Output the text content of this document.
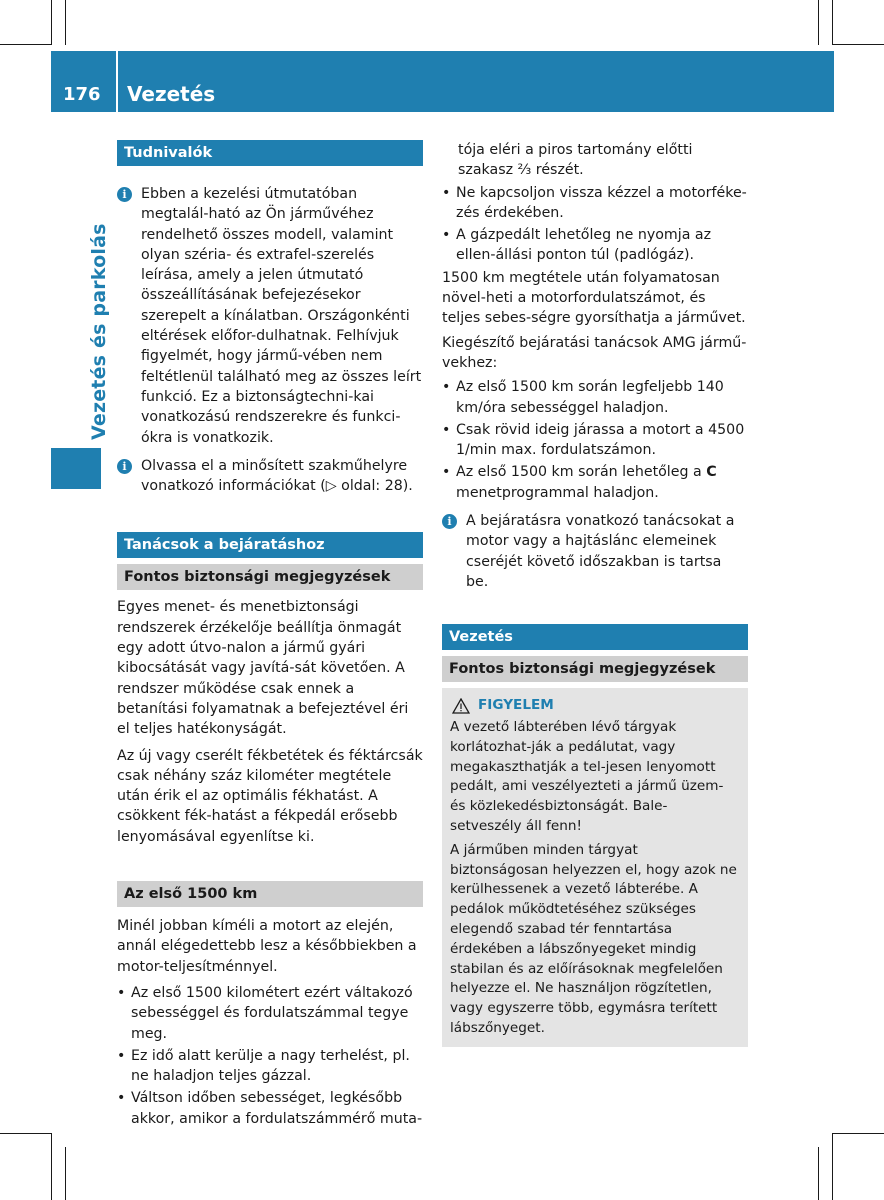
176 Vezetés
Vezetés és parkolás
Tudnivalók
i	Ebben a kezelési útmutatóban megtalál-ható az Ön járművéhez rendelhető összes modell, valamint olyan széria- és extrafel-szerelés leírása, amely a jelen útmutató összeállításának befejezésekor szerepelt a kínálatban. Országonkénti eltérések előfor-dulhatnak. Felhívjuk figyelmét, hogy jármű-vében nem feltétlenül található meg az összes leírt funkció. Ez a biztonságtechni-kai vonatkozású rendszerekre és funkci-ókra is vonatkozik.

i	Olvassa el a minősített szakműhelyre vonatkozó információkat (▷ oldal: 28).

Tanácsok a bejáratáshoz
Fontos biztonsági megjegyzések

Egyes menet- és menetbiztonsági rendszerek érzékelője beállítja önmagát egy adott útvo-nalon a jármű gyári kibocsátását vagy javítá-sát követően. A rendszer működése csak ennek a betanítási folyamatnak a befejeztével éri el teljes hatékonyságát.

Az új vagy cserélt fékbetétek és féktárcsák csak néhány száz kilométer megtétele után érik el az optimális fékhatást. A csökkent fék-hatást a fékpedál erősebb lenyomásával egyenlítse ki.

Az első 1500 km

Minél jobban kíméli a motort az elején, annál elégedettebb lesz a későbbiekben a motor-teljesítménnyel.

• Az első 1500 kilométert ezért váltakozó sebességgel és fordulatszámmal tegye meg.

• Ez idő alatt kerülje a nagy terhelést, pl. ne haladjon teljes gázzal.

• Váltson időben sebességet, legkésőbb akkor, amikor a fordulatszámmérő muta-

tója eléri a piros tartomány előtti szakasz ⅔ részét.

• Ne kapcsoljon vissza kézzel a motorféke-zés érdekében.

• A gázpedált lehetőleg ne nyomja az ellen-állási ponton túl (padlógáz).

1500 km megtétele után folyamatosan növel-heti a motorfordulatszámot, és teljes sebes-ségre gyorsíthatja a járművet.

Kiegészítő bejáratási tanácsok AMG jármű-vekhez:

• Az első 1500 km során legfeljebb 140 km/óra sebességgel haladjon.

• Csak rövid ideig járassa a motort a 4500 1/min max. fordulatszámon.

• Az első 1500 km során lehetőleg a C
menetprogrammal haladjon.

i	A bejáratásra vonatkozó tanácsokat a motor vagy a hajtáslánc elemeinek cseréjét követő időszakban is tartsa be.

Vezetés
Fontos biztonsági megjegyzések
FIGYELEM

A vezető lábterében lévő tárgyak korlátozhat-ják a pedálutat, vagy megakaszthatják a tel-jesen lenyomott pedált, ami veszélyezteti a jármű üzem- és közlekedésbiztonságát. Bale-setveszély áll fenn!

A járműben minden tárgyat biztonságosan helyezzen el, hogy azok ne kerülhessenek a vezető lábterébe. A pedálok működtetéséhez szükséges elegendő szabad tér fenntartása érdekében a lábszőnyegeket mindig stabilan és az előírásoknak megfelelően helyezze el. Ne használjon rögzítetlen, vagy egyszerre több, egymásra terített lábszőnyeget.
